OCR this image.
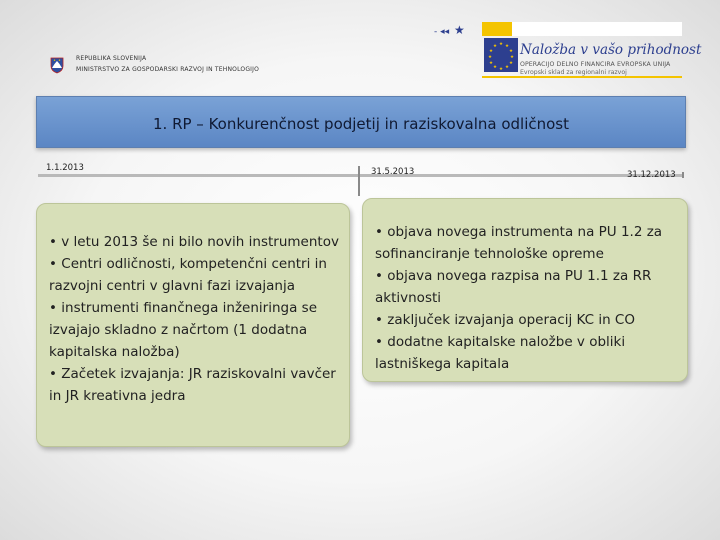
REPUBLIKA SLOVENIJA
MINISTRSTVO ZA GOSPODARSKI RAZVOJ IN TEHNOLOGIJO
- ◂◂ ★
★ ★
★
★
★
★
★
★
★
★
★
★ Naložba v vašo prihodnost
OPERACIJO DELNO FINANCIRA EVROPSKA UNIJA
Evropski sklad za regionalni razvoj
1. RP – Konkurenčnost podjetij in raziskovalna odličnost
1.1.2013	31.5.2013	31.12.2013
• v letu 2013 še ni bilo novih instrumentov
• Centri odličnosti, kompetenčni centri in razvojni centri v glavni fazi izvajanja
• instrumenti finančnega inženiringa se izvajajo skladno z načrtom (1 dodatna kapitalska naložba)
• Začetek izvajanja: JR raziskovalni vavčer in JR kreativna jedra
• objava novega instrumenta na PU 1.2 za sofinanciranje tehnološke opreme
• objava novega razpisa na PU 1.1 za RR aktivnosti
• zaključek izvajanja operacij KC in CO
• dodatne kapitalske naložbe v obliki lastniškega kapitala
